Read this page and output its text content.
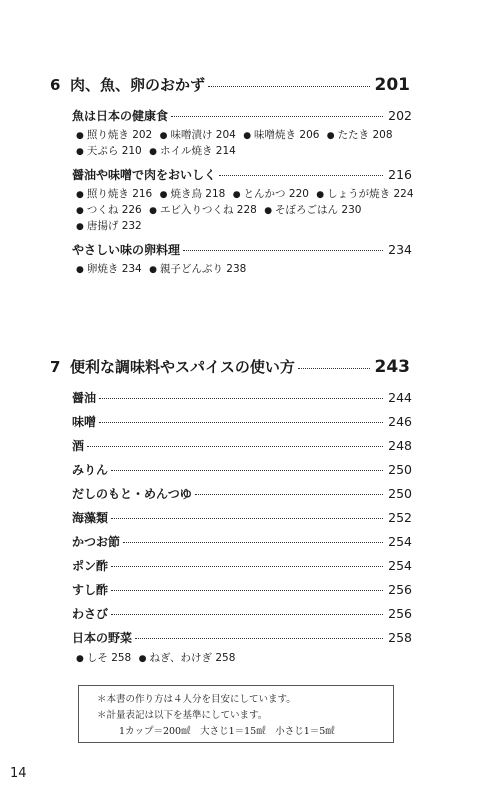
6 肉、魚、卵のおかず	201
魚は日本の健康食	202
● 照り焼き 202 ● 味噌漬け 204 ● 味噌焼き 206 ● たたき 208
● 天ぷら 210 ● ホイル焼き 214
醤油や味噌で肉をおいしく	216
● 照り焼き 216 ● 焼き鳥 218 ● とんかつ 220 ● しょうが焼き 224
● つくね 226 ● エビ入りつくね 228 ● そぼろごはん 230
● 唐揚げ 232
やさしい味の卵料理	234
● 卵焼き 234 ● 親子どんぶり 238
7 便利な調味料やスパイスの使い方	243
醤油	244
味噌	246
酒	248
みりん	250
だしのもと・めんつゆ	250
海藻類	252
かつお節	254
ポン酢	254
すし酢	256
わさび	256
日本の野菜	258
● しそ 258 ● ねぎ、わけぎ 258
＊本書の作り方は４人分を目安にしています。
＊計量表記は以下を基準にしています。
1カップ＝200㎖　大さじ1＝15㎖　小さじ1＝5㎖
14
